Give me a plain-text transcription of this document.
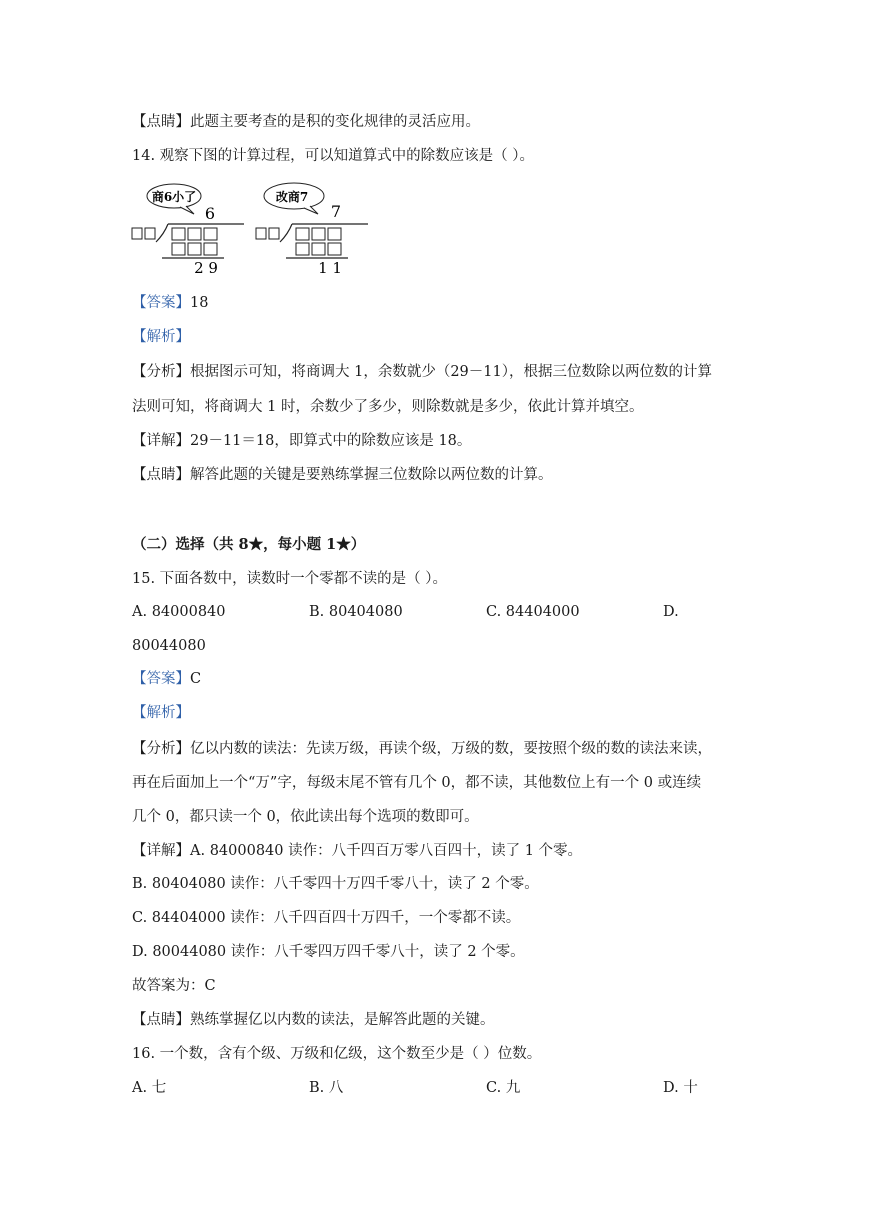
【点睛】此题主要考查的是积的变化规律的灵活应用。
14. 观察下图的计算过程，可以知道算式中的除数应该是（ ）。
商6小了
6
2 9
改商7
7
1 1
【答案】18
【解析】
【分析】根据图示可知，将商调大 1，余数就少（29－11），根据三位数除以两位数的计算
法则可知，将商调大 1 时，余数少了多少，则除数就是多少，依此计算并填空。
【详解】29－11＝18，即算式中的除数应该是 18。
【点睛】解答此题的关键是要熟练掌握三位数除以两位数的计算。
（二）选择（共 8★，每小题 1★）
15. 下面各数中，读数时一个零都不读的是（ ）。
A. 84000840	B. 80404080	C. 84404000	D.
80044080
【答案】C
【解析】
【分析】亿以内数的读法：先读万级，再读个级，万级的数，要按照个级的数的读法来读，
再在后面加上一个“万”字，每级末尾不管有几个 0，都不读，其他数位上有一个 0 或连续
几个 0，都只读一个 0，依此读出每个选项的数即可。
【详解】A. 84000840 读作：八千四百万零八百四十，读了 1 个零。
B. 80404080 读作：八千零四十万四千零八十，读了 2 个零。
C. 84404000 读作：八千四百四十万四千，一个零都不读。
D. 80044080 读作：八千零四万四千零八十，读了 2 个零。
故答案为：C
【点睛】熟练掌握亿以内数的读法，是解答此题的关键。
16. 一个数，含有个级、万级和亿级，这个数至少是（ ）位数。
A. 七	B. 八	C. 九	D. 十
